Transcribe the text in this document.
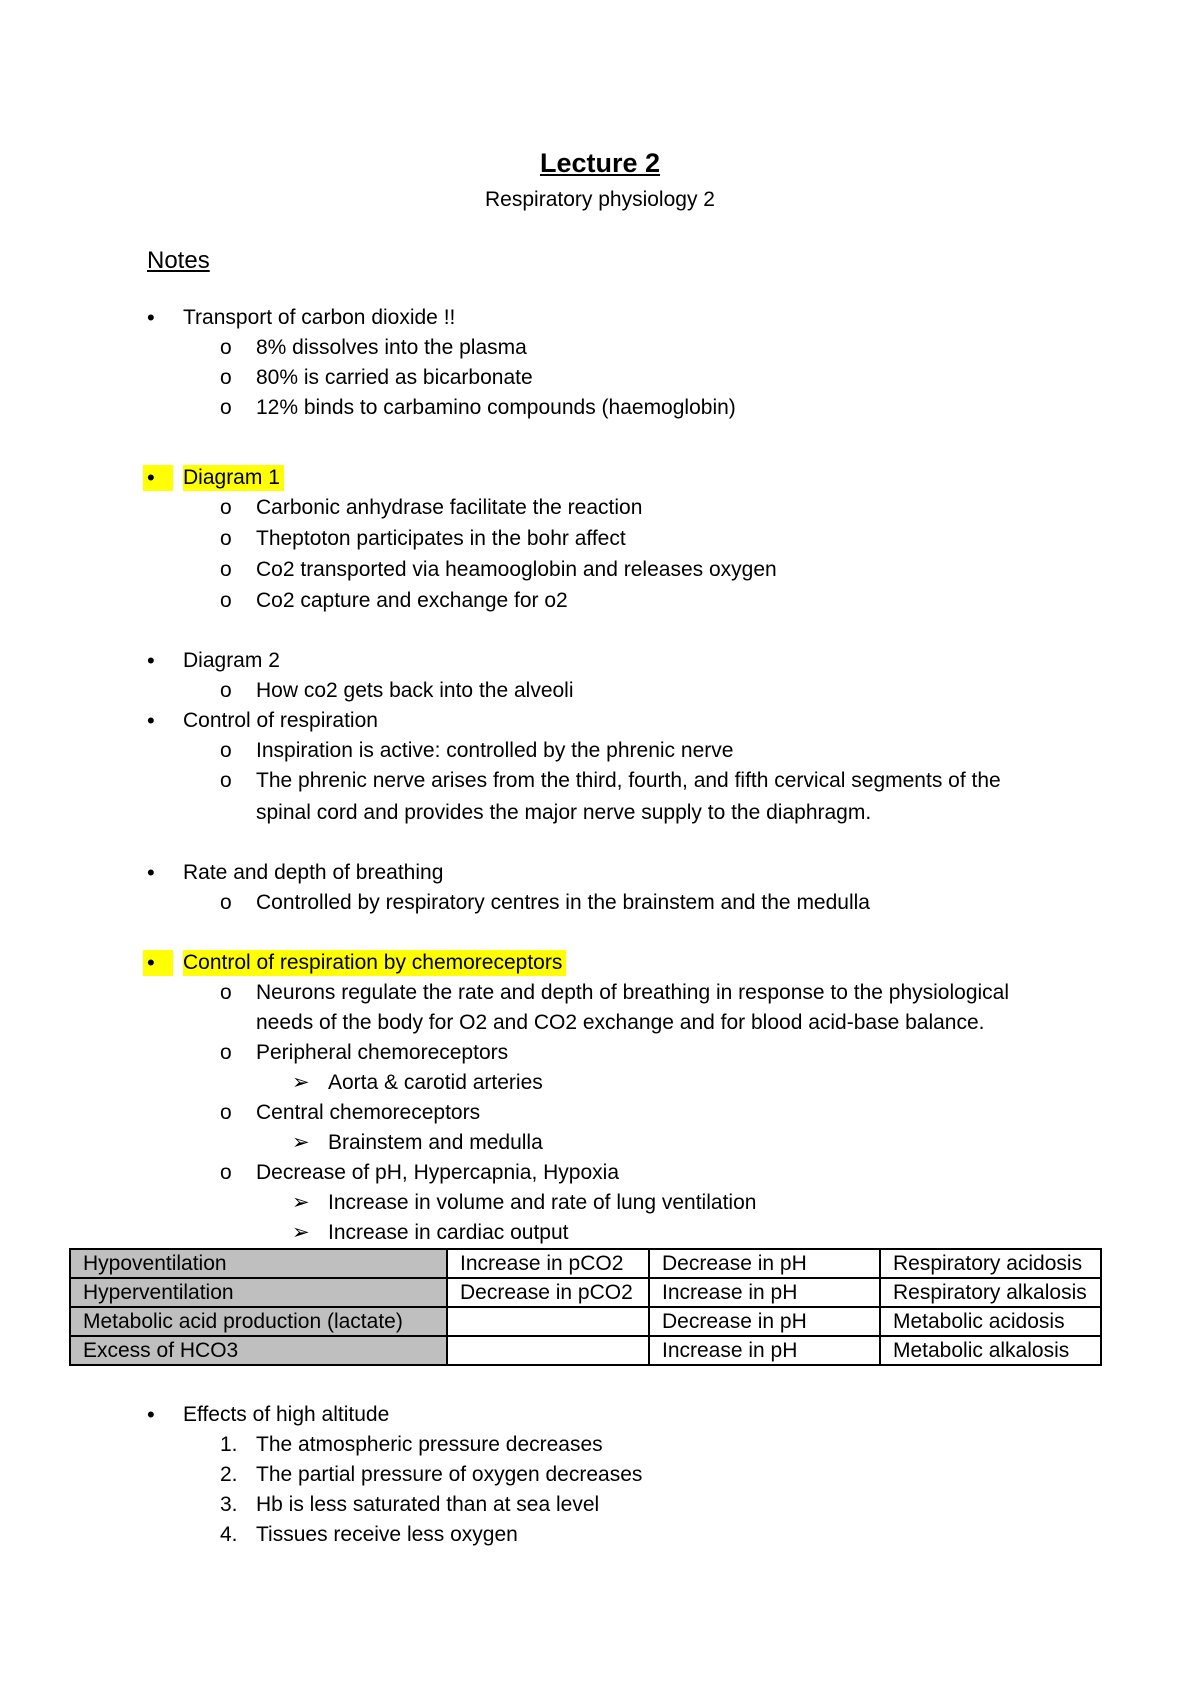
Lecture 2
Respiratory physiology 2
Notes
• Transport of carbon dioxide !!
o 8% dissolves into the plasma
o 80% is carried as bicarbonate
o 12% binds to carbamino compounds (haemoglobin)
• Diagram 1
o Carbonic anhydrase facilitate the reaction
o Theptoton participates in the bohr affect
o Co2 transported via heamooglobin and releases oxygen
o Co2 capture and exchange for o2
• Diagram 2
o How co2 gets back into the alveoli
• Control of respiration
o Inspiration is active: controlled by the phrenic nerve
o The phrenic nerve arises from the third, fourth, and fifth cervical segments of the
spinal cord and provides the major nerve supply to the diaphragm.
• Rate and depth of breathing
o Controlled by respiratory centres in the brainstem and the medulla
• Control of respiration by chemoreceptors
o Neurons regulate the rate and depth of breathing in response to the physiological
needs of the body for O2 and CO2 exchange and for blood acid-base balance.
o Peripheral chemoreceptors
➢ Aorta & carotid arteries
o Central chemoreceptors
➢ Brainstem and medulla
o Decrease of pH, Hypercapnia, Hypoxia
➢ Increase in volume and rate of lung ventilation
➢ Increase in cardiac output
Hypoventilation	Increase in pCO2	Decrease in pH	Respiratory acidosis
Hyperventilation	Decrease in pCO2	Increase in pH	Respiratory alkalosis
Metabolic acid production (lactate)		Decrease in pH	Metabolic acidosis
Excess of HCO3		Increase in pH	Metabolic alkalosis
• Effects of high altitude
1. The atmospheric pressure decreases
2. The partial pressure of oxygen decreases
3. Hb is less saturated than at sea level
4. Tissues receive less oxygen
